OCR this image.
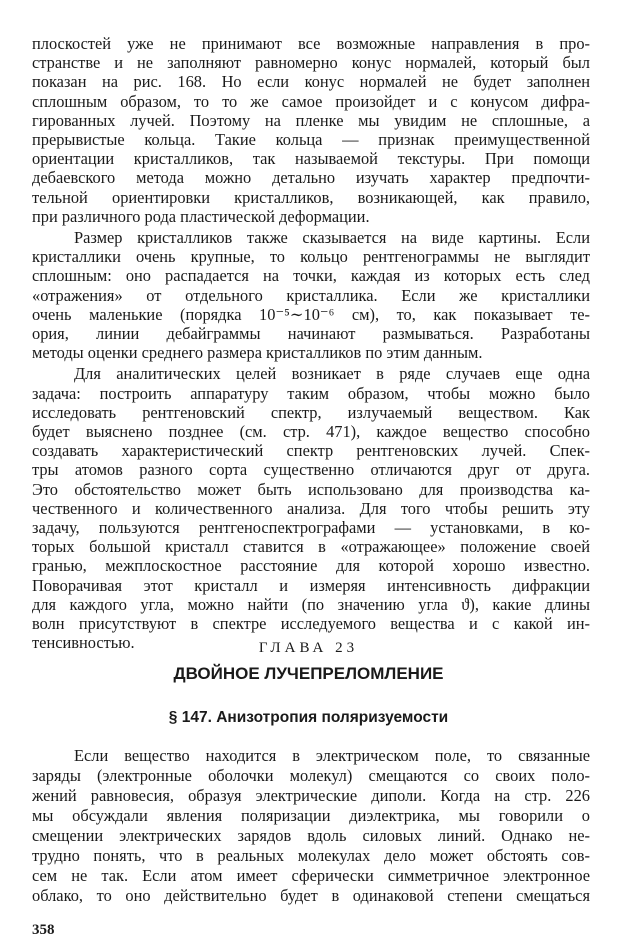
плоскостей уже не принимают все возможные направления в про-
странстве и не заполняют равномерно конус нормалей, который был
показан на рис. 168. Но если конус нормалей не будет заполнен
сплошным образом, то то же самое произойдет и с конусом дифра-
гированных лучей. Поэтому на пленке мы увидим не сплошные, а
прерывистые кольца. Такие кольца — признак преимущественной
ориентации кристалликов, так называемой текстуры. При помощи
дебаевского метода можно детально изучать характер предпочти-
тельной ориентировки кристалликов, возникающей, как правило,
при различного рода пластической деформации.
Размер кристалликов также сказывается на виде картины. Если
кристаллики очень крупные, то кольцо рентгенограммы не выглядит
сплошным: оно распадается на точки, каждая из которых есть след
«отражения» от отдельного кристаллика. Если же кристаллики
очень маленькие (порядка 10⁻⁵∼10⁻⁶ см), то, как показывает те-
ория, линии дебайграммы начинают размываться. Разработаны
методы оценки среднего размера кристалликов по этим данным.
Для аналитических целей возникает в ряде случаев еще одна
задача: построить аппаратуру таким образом, чтобы можно было
исследовать рентгеновский спектр, излучаемый веществом. Как
будет выяснено позднее (см. стр. 471), каждое вещество способно
создавать характеристический спектр рентгеновских лучей. Спек-
тры атомов разного сорта существенно отличаются друг от друга.
Это обстоятельство может быть использовано для производства ка-
чественного и количественного анализа. Для того чтобы решить эту
задачу, пользуются рентгеноспектрографами — установками, в ко-
торых большой кристалл ставится в «отражающее» положение своей
гранью, межплоскостное расстояние для которой хорошо известно.
Поворачивая этот кристалл и измеряя интенсивность дифракции
для каждого угла, можно найти (по значению угла ϑ), какие длины
волн присутствуют в спектре исследуемого вещества и с какой ин-
тенсивностью.	ГЛАВА 23
ДВОЙНОЕ ЛУЧЕПРЕЛОМЛЕНИЕ
§ 147. Анизотропия поляризуемости
Если вещество находится в электрическом поле, то связанные
заряды (электронные оболочки молекул) смещаются со своих поло-
жений равновесия, образуя электрические диполи. Когда на стр. 226
мы обсуждали явления поляризации диэлектрика, мы говорили о
смещении электрических зарядов вдоль силовых линий. Однако не-
трудно понять, что в реальных молекулах дело может обстоять сов-
сем не так. Если атом имеет сферически симметричное электронное
облако, то оно действительно будет в одинаковой степени смещаться
358
